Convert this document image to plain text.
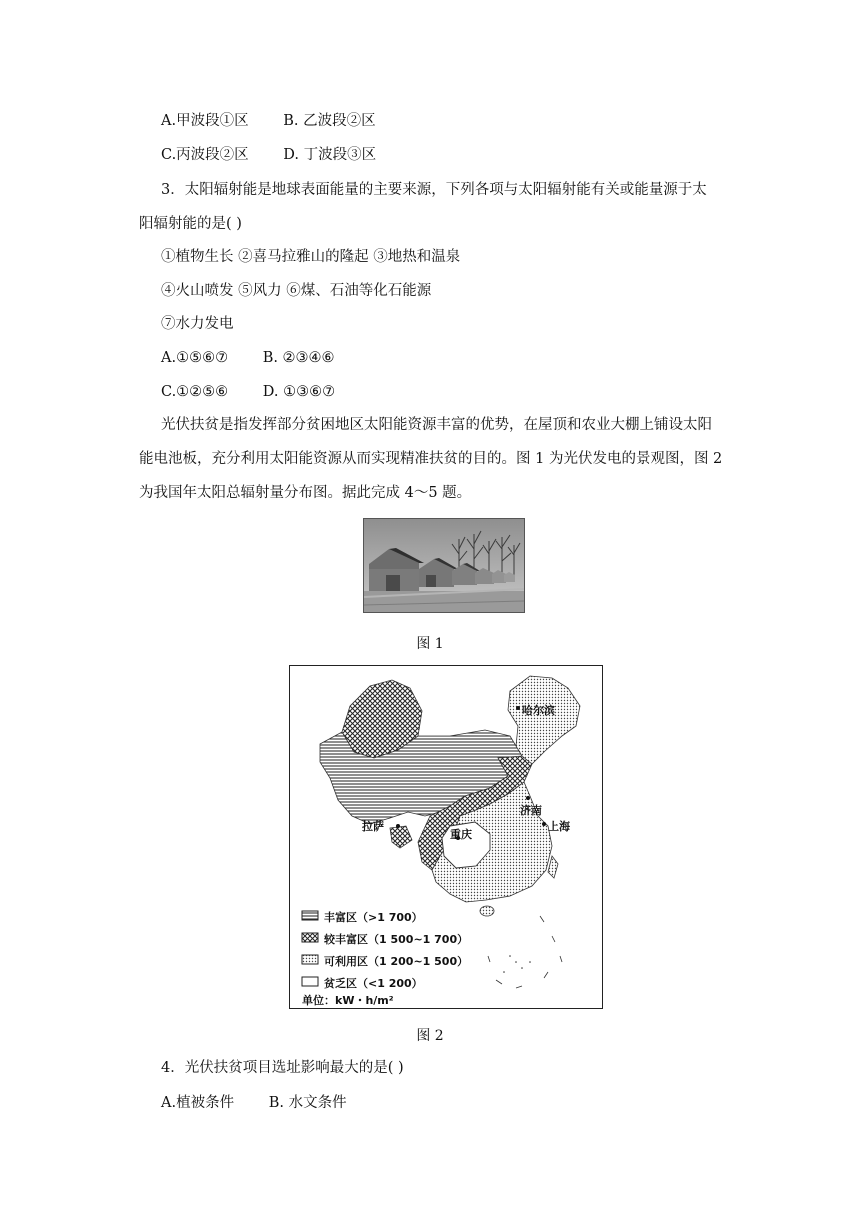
A.甲波段①区 B. 乙波段②区
C.丙波段②区 D. 丁波段③区
3．太阳辐射能是地球表面能量的主要来源，下列各项与太阳辐射能有关或能量源于太
阳辐射能的是( )
①植物生长 ②喜马拉雅山的隆起 ③地热和温泉
④火山喷发 ⑤风力 ⑥煤、石油等化石能源
⑦水力发电
A.①⑤⑥⑦ B. ②③④⑥
C.①②⑤⑥ D. ①③⑥⑦
光伏扶贫是指发挥部分贫困地区太阳能资源丰富的优势，在屋顶和农业大棚上铺设太阳
能电池板，充分利用太阳能资源从而实现精准扶贫的目的。图 1 为光伏发电的景观图，图 2
为我国年太阳总辐射量分布图。据此完成 4～5 题。
图 1
哈尔滨
济南
上海
拉萨
重庆
丰富区（>1 700）
较丰富区（1 500~1 700）
可利用区（1 200~1 500）
贫乏区（<1 200）
单位：kW・h/m²
图 2
4．光伏扶贫项目选址影响最大的是( )
A.植被条件 B. 水文条件
